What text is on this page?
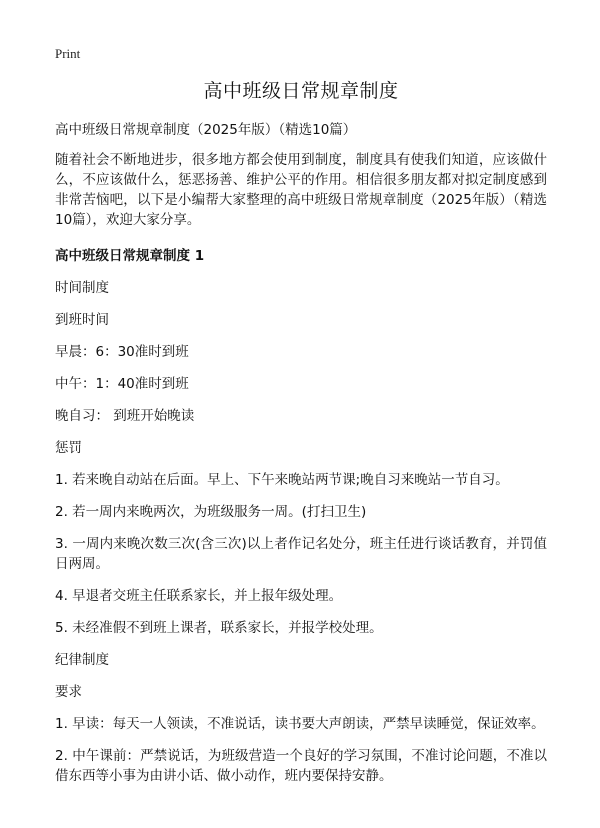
Print
高中班级日常规章制度

高中班级日常规章制度（2025年版）（精选10篇）

随着社会不断地进步，很多地方都会使用到制度，制度具有使我们知道，应该做什么，不应该做什么，惩恶扬善、维护公平的作用。相信很多朋友都对拟定制度感到非常苦恼吧，以下是小编帮大家整理的高中班级日常规章制度（2025年版）（精选10篇），欢迎大家分享。

高中班级日常规章制度 1
时间制度
到班时间
早晨：6：30准时到班
中午：1：40准时到班
晚自习： 到班开始晚读
惩罚
1. 若来晚自动站在后面。早上、下午来晚站两节课;晚自习来晚站一节自习。
2. 若一周内来晚两次，为班级服务一周。(打扫卫生)
3. 一周内来晚次数三次(含三次)以上者作记名处分，班主任进行谈话教育，并罚值日两周。
4. 早退者交班主任联系家长，并上报年级处理。
5. 未经准假不到班上课者，联系家长，并报学校处理。
纪律制度
要求
1. 早读：每天一人领读，不准说话，读书要大声朗读，严禁早读睡觉，保证效率。
2. 中午课前：严禁说话，为班级营造一个良好的学习氛围，不准讨论问题，不准以借东西等小事为由讲小话、做小动作，班内要保持安静。
